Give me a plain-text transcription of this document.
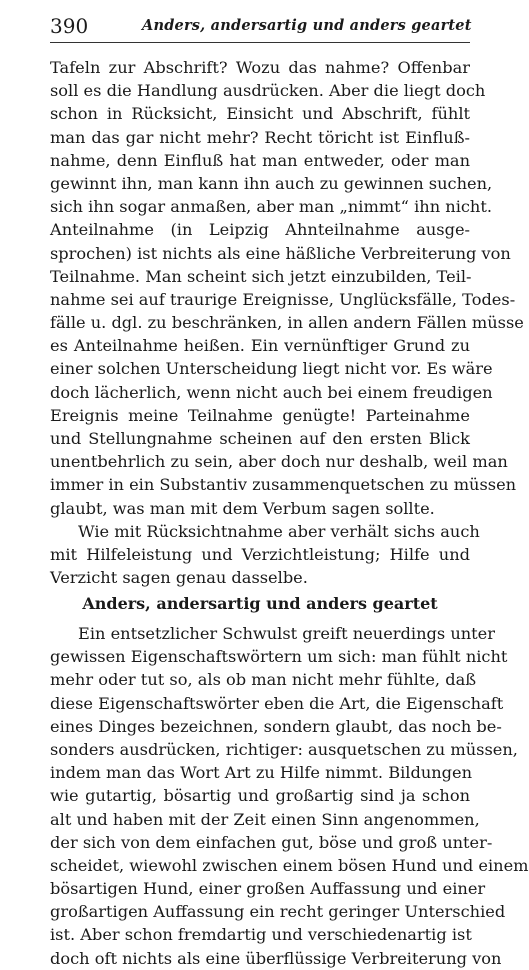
390	Anders, andersartig und anders geartet
Tafeln zur Abschrift? Wozu das nahme? Offenbar
soll es die Handlung ausdrücken. Aber die liegt doch
schon in Rücksicht, Einsicht und Abschrift, fühlt
man das gar nicht mehr? Recht töricht ist Einfluß-
nahme, denn Einfluß hat man entweder, oder man
gewinnt ihn, man kann ihn auch zu gewinnen suchen,
sich ihn sogar anmaßen, aber man „nimmt“ ihn nicht.
Anteilnahme (in Leipzig Ahnteilnahme ausge-
sprochen) ist nichts als eine häßliche Verbreiterung von
Teilnahme. Man scheint sich jetzt einzubilden, Teil-
nahme sei auf traurige Ereignisse, Unglücksfälle, Todes-
fälle u. dgl. zu beschränken, in allen andern Fällen müsse
es Anteilnahme heißen. Ein vernünftiger Grund zu
einer solchen Unterscheidung liegt nicht vor. Es wäre
doch lächerlich, wenn nicht auch bei einem freudigen
Ereignis meine Teilnahme genügte! Parteinahme
und Stellungnahme scheinen auf den ersten Blick
unentbehrlich zu sein, aber doch nur deshalb, weil man
immer in ein Substantiv zusammenquetschen zu müssen
glaubt, was man mit dem Verbum sagen sollte.
Wie mit Rücksichtnahme aber verhält sichs auch
mit Hilfeleistung und Verzichtleistung; Hilfe und
Verzicht sagen genau dasselbe.
Anders, andersartig und anders geartet
Ein entsetzlicher Schwulst greift neuerdings unter
gewissen Eigenschaftswörtern um sich: man fühlt nicht
mehr oder tut so, als ob man nicht mehr fühlte, daß
diese Eigenschaftswörter eben die Art, die Eigenschaft
eines Dinges bezeichnen, sondern glaubt, das noch be-
sonders ausdrücken, richtiger: ausquetschen zu müssen,
indem man das Wort Art zu Hilfe nimmt. Bildungen
wie gutartig, bösartig und großartig sind ja schon
alt und haben mit der Zeit einen Sinn angenommen,
der sich von dem einfachen gut, böse und groß unter-
scheidet, wiewohl zwischen einem bösen Hund und einem
bösartigen Hund, einer großen Auffassung und einer
großartigen Auffassung ein recht geringer Unterschied
ist. Aber schon fremdartig und verschiedenartig ist
doch oft nichts als eine überflüssige Verbreiterung von
